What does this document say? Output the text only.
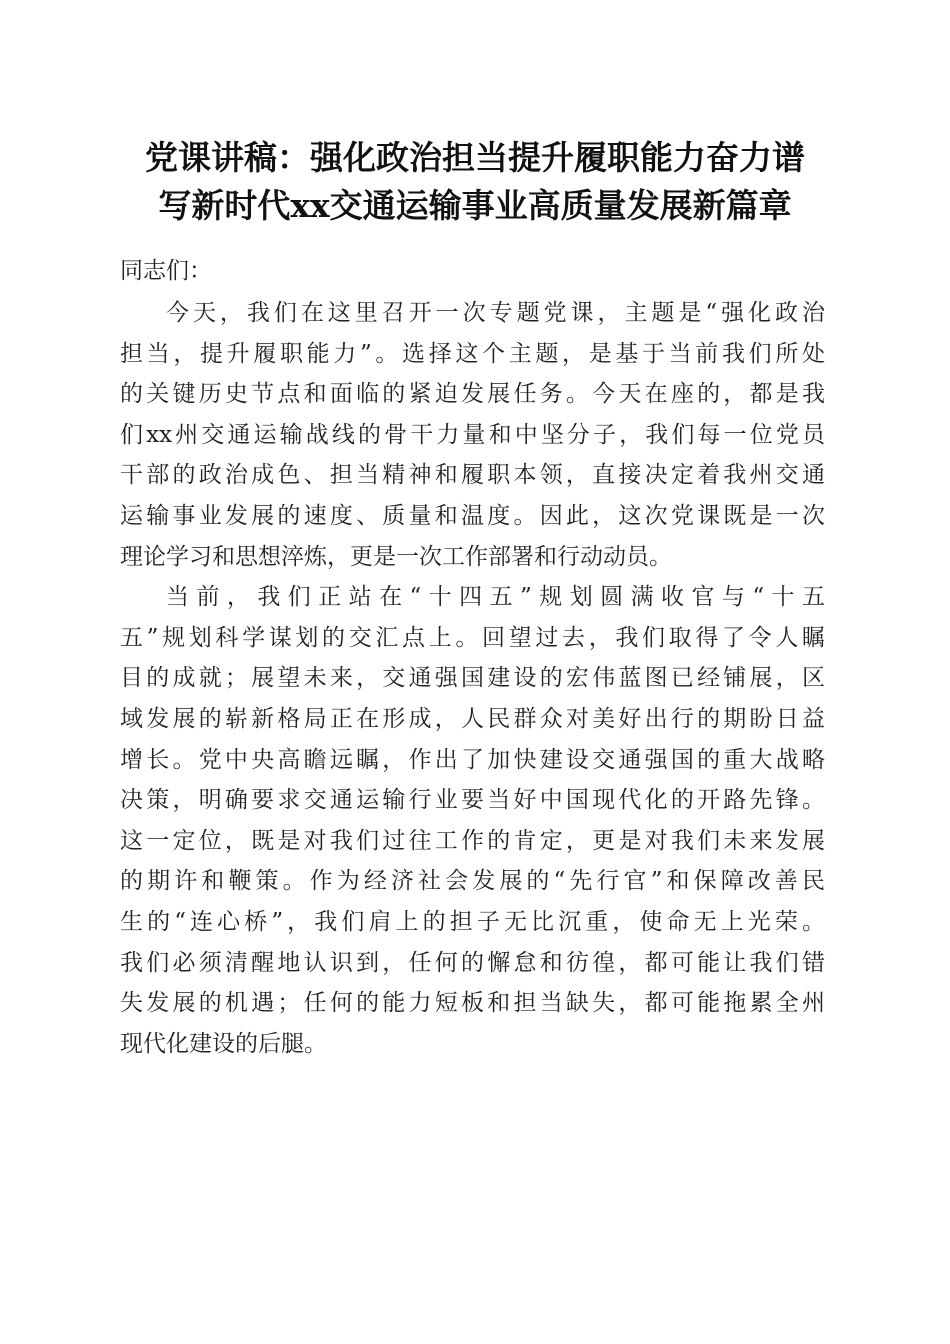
党课讲稿：强化政治担当提升履职能力奋力谱
写新时代xx交通运输事业高质量发展新篇章
同志们：
今天，我们在这里召开一次专题党课，主题是“强化政治
担当，提升履职能力”。选择这个主题，是基于当前我们所处
的关键历史节点和面临的紧迫发展任务。今天在座的，都是我
们xx州交通运输战线的骨干力量和中坚分子，我们每一位党员
干部的政治成色、担当精神和履职本领，直接决定着我州交通
运输事业发展的速度、质量和温度。因此，这次党课既是一次
理论学习和思想淬炼，更是一次工作部署和行动动员。
当前，我们正站在“十四五”规划圆满收官与“十五
五”规划科学谋划的交汇点上。回望过去，我们取得了令人瞩
目的成就；展望未来，交通强国建设的宏伟蓝图已经铺展，区
域发展的崭新格局正在形成，人民群众对美好出行的期盼日益
增长。党中央高瞻远瞩，作出了加快建设交通强国的重大战略
决策，明确要求交通运输行业要当好中国现代化的开路先锋。
这一定位，既是对我们过往工作的肯定，更是对我们未来发展
的期许和鞭策。作为经济社会发展的“先行官”和保障改善民
生的“连心桥”，我们肩上的担子无比沉重，使命无上光荣。
我们必须清醒地认识到，任何的懈怠和彷徨，都可能让我们错
失发展的机遇；任何的能力短板和担当缺失，都可能拖累全州
现代化建设的后腿。
